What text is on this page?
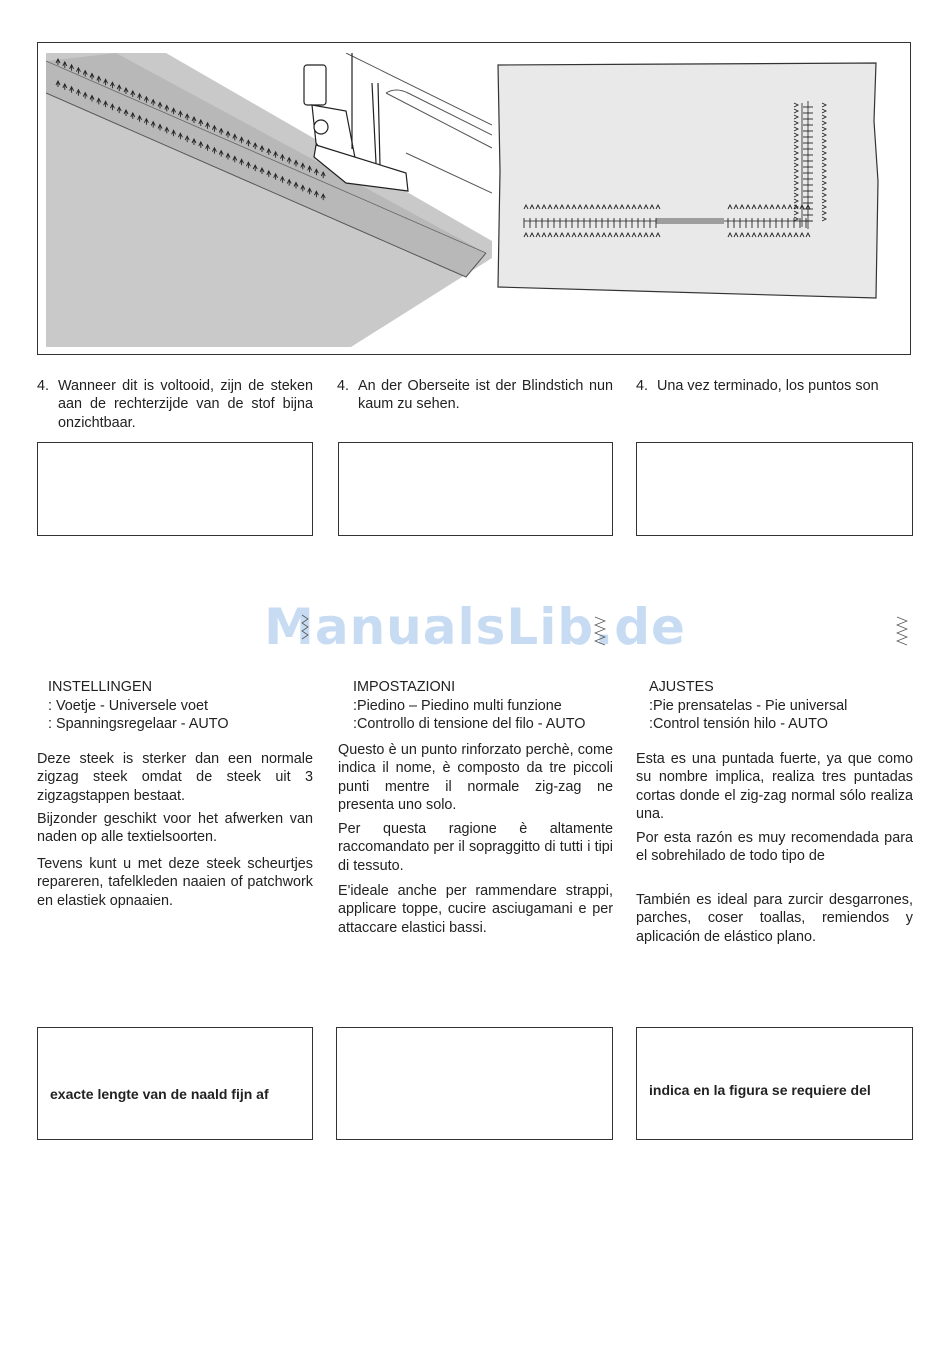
4. Wanneer dit is voltooid, zijn de steken aan de rechterzijde van de stof bijna onzichtbaar.
4. An der Oberseite ist der Blindstich nun kaum zu sehen.
4. Una vez terminado, los puntos son
ManualsLib.de
INSTELLINGEN
: Voetje - Universele voet
: Spanningsregelaar - AUTO
IMPOSTAZIONI
:Piedino – Piedino multi funzione
:Controllo di tensione del filo - AUTO
AJUSTES
:Pie prensatelas - Pie universal
:Control tensión hilo - AUTO

Deze steek is sterker dan een normale zigzag steek omdat de steek uit 3 zigzagstappen bestaat.

Bijzonder geschikt voor het afwerken van naden op alle textielsoorten.

Tevens kunt u met deze steek scheurtjes repareren, tafelkleden naaien of patchwork en elastiek opnaaien.

Questo è un punto rinforzato perchè, come indica il nome, è composto da tre piccoli punti mentre il normale zig-zag ne presenta uno solo.

Per questa ragione è altamente raccomandato per il sopraggitto di tutti i tipi di tessuto.

E'ideale anche per rammendare strappi, applicare toppe, cucire asciugamani e per attaccare elastici bassi.

Esta es una puntada fuerte, ya que como su nombre implica, realiza tres puntadas cortas donde el zig-zag normal sólo realiza una.

Por esta razón es muy recomendada para el sobrehilado de todo tipo de

También es ideal para zurcir desgarrones, parches, coser toallas, remiendos y aplicación de elástico plano.

exacte lengte van de naald fijn af	indica en la figura se requiere del
